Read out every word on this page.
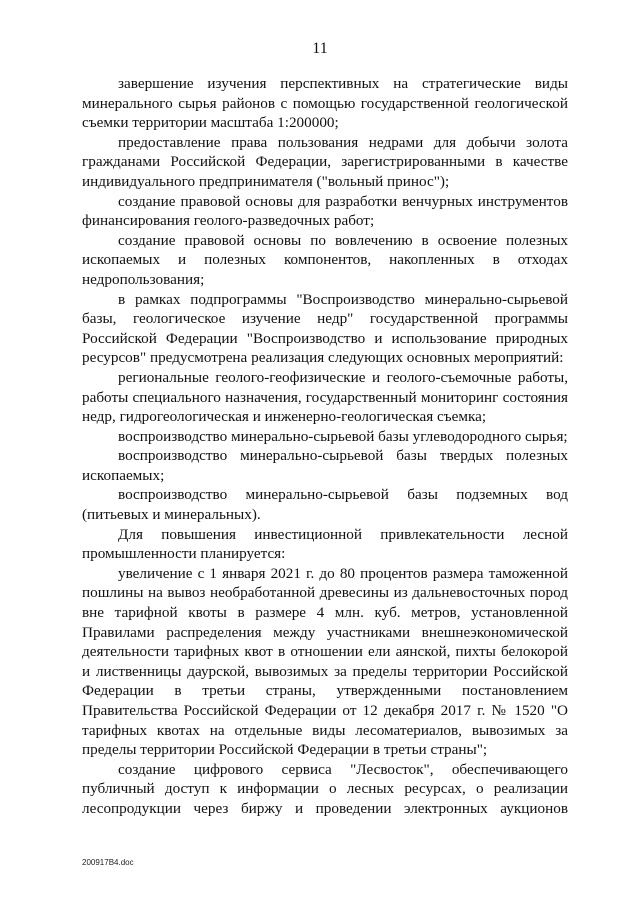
11

завершение изучения перспективных на стратегические виды минерального сырья районов с помощью государственной геологической съемки территории масштаба 1:200000;

предоставление права пользования недрами для добычи золота гражданами Российской Федерации, зарегистрированными в качестве индивидуального предпринимателя ("вольный принос");

создание правовой основы для разработки венчурных инструментов финансирования геолого-разведочных работ;

создание правовой основы по вовлечению в освоение полезных ископаемых и полезных компонентов, накопленных в отходах недропользования;

в рамках подпрограммы "Воспроизводство минерально-сырьевой базы, геологическое изучение недр" государственной программы Российской Федерации "Воспроизводство и использование природных ресурсов" предусмотрена реализация следующих основных мероприятий:

региональные геолого-геофизические и геолого-съемочные работы, работы специального назначения, государственный мониторинг состояния недр, гидрогеологическая и инженерно-геологическая съемка;

воспроизводство минерально-сырьевой базы углеводородного сырья;

воспроизводство минерально-сырьевой базы твердых полезных ископаемых;

воспроизводство минерально-сырьевой базы подземных вод (питьевых и минеральных).

Для повышения инвестиционной привлекательности лесной промышленности планируется:

увеличение с 1 января 2021 г. до 80 процентов размера таможенной пошлины на вывоз необработанной древесины из дальневосточных пород вне тарифной квоты в размере 4 млн. куб. метров, установленной Правилами распределения между участниками внешнеэкономической деятельности тарифных квот в отношении ели аянской, пихты белокорой и лиственницы даурской, вывозимых за пределы территории Российской Федерации в третьи страны, утвержденными постановлением Правительства Российской Федерации от 12 декабря 2017 г. № 1520 "О тарифных квотах на отдельные виды лесоматериалов, вывозимых за пределы территории Российской Федерации в третьи страны";

создание цифрового сервиса "Лесвосток", обеспечивающего публичный доступ к информации о лесных ресурсах, о реализации лесопродукции через биржу и проведении электронных аукционов

200917В4.doc
